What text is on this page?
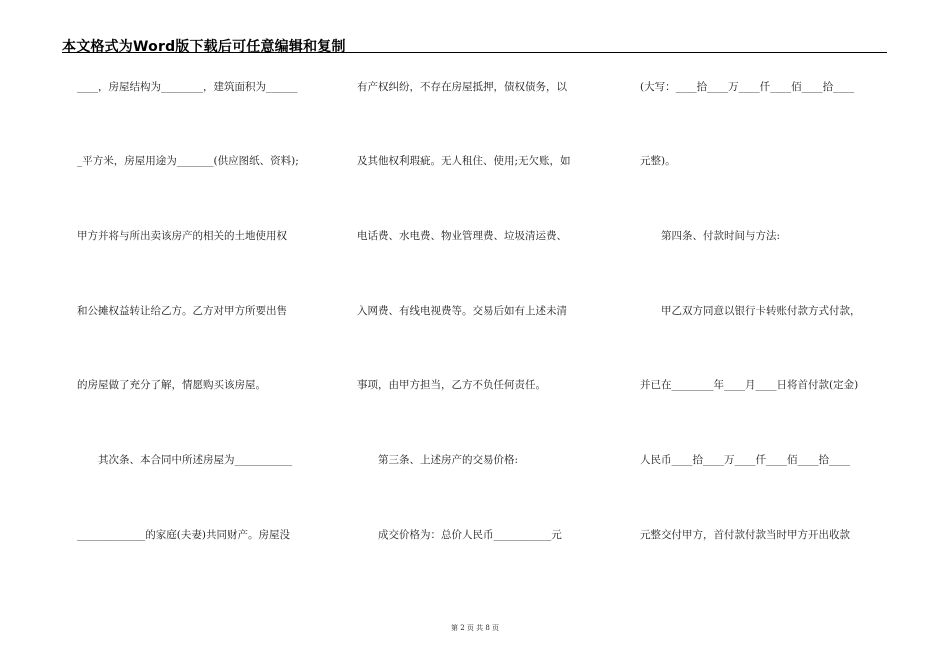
本文格式为Word版下载后可任意编辑和复制
____，房屋结构为________，建筑面积为______
_平方米，房屋用途为_______(供应图纸、资料);
甲方并将与所出卖该房产的相关的土地使用权
和公摊权益转让给乙方。乙方对甲方所要出售
的房屋做了充分了解，情愿购买该房屋。
　　其次条、本合同中所述房屋为___________
_____________的家庭(夫妻)共同财产。房屋没
有产权纠纷，不存在房屋抵押，债权债务，以
及其他权利瑕疵。无人租住、使用;无欠账，如
电话费、水电费、物业管理费、垃圾清运费、
入网费、有线电视费等。交易后如有上述未清
事项，由甲方担当，乙方不负任何责任。
　　第三条、上述房产的交易价格:
　　成交价格为：总价人民币___________元
(大写：____拾____万____仟____佰____拾____
元整)。
　　第四条、付款时间与方法:
　　甲乙双方同意以银行卡转账付款方式付款，
并已在________年____月____日将首付款(定金)
人民币____拾____万____仟____佰____拾____
元整交付甲方，首付款付款当时甲方开出收款
第 2 页 共 8 页
